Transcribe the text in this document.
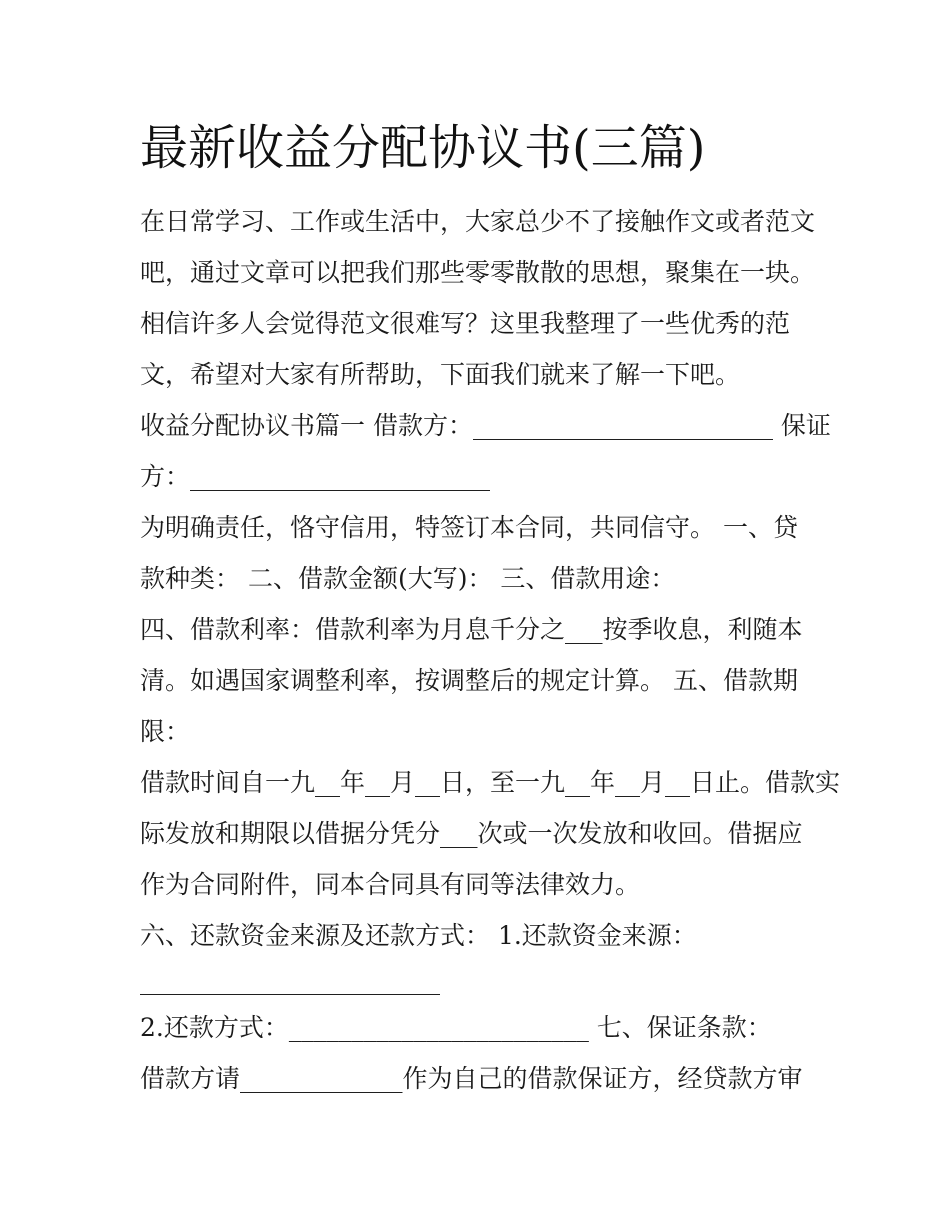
最新收益分配协议书(三篇)

在日常学习、工作或生活中，大家总少不了接触作文或者范文

吧，通过文章可以把我们那些零零散散的思想，聚集在一块。

相信许多人会觉得范文很难写？这里我整理了一些优秀的范

文，希望对大家有所帮助，下面我们就来了解一下吧。

收益分配协议书篇一 借款方：________________________ 保证

方：________________________

为明确责任，恪守信用，特签订本合同，共同信守。 一、贷

款种类： 二、借款金额(大写)： 三、借款用途：

四、借款利率：借款利率为月息千分之___按季收息，利随本

清。如遇国家调整利率，按调整后的规定计算。 五、借款期

限：

借款时间自一九__年__月__日，至一九__年__月__日止。借款实

际发放和期限以借据分凭分___次或一次发放和收回。借据应

作为合同附件，同本合同具有同等法律效力。

六、还款资金来源及还款方式： 1.还款资金来源：

________________________

2.还款方式：________________________ 七、保证条款：

借款方请_____________作为自己的借款保证方，经贷款方审
